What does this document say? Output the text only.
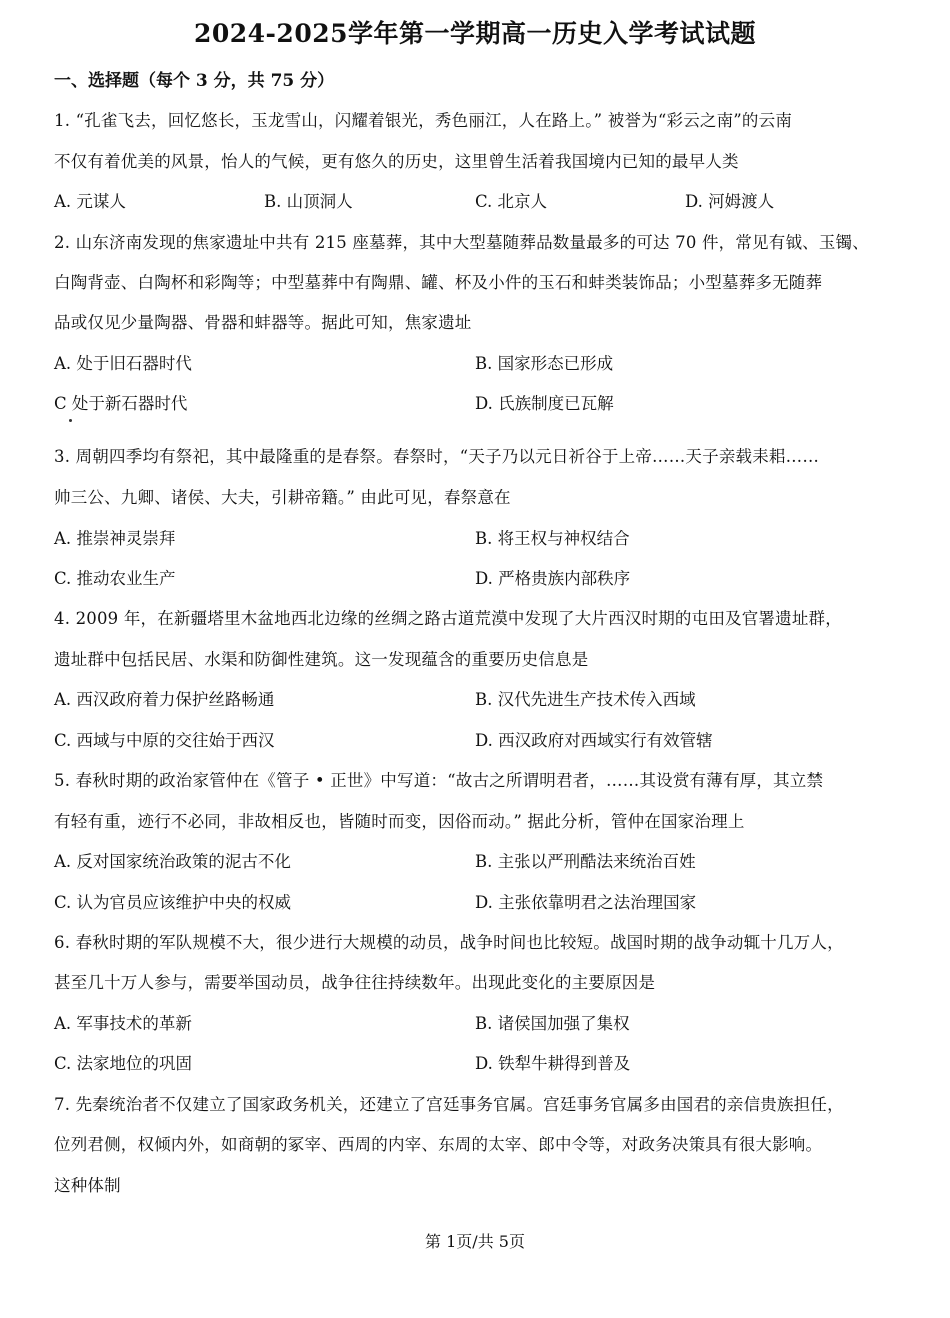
2024-2025学年第一学期高一历史入学考试试题
一、选择题（每个 3 分，共 75 分）
1. “孔雀飞去，回忆悠长，玉龙雪山，闪耀着银光，秀色丽江，人在路上。” 被誉为“彩云之南”的云南
不仅有着优美的风景，怡人的气候，更有悠久的历史，这里曾生活着我国境内已知的最早人类
A. 元谋人	B. 山顶洞人	C. 北京人	D. 河姆渡人
2. 山东济南发现的焦家遗址中共有 215 座墓葬，其中大型墓随葬品数量最多的可达 70 件，常见有钺、玉镯、
白陶背壶、白陶杯和彩陶等；中型墓葬中有陶鼎、罐、杯及小件的玉石和蚌类装饰品；小型墓葬多无随葬
品或仅见少量陶器、骨器和蚌器等。据此可知，焦家遗址
A. 处于旧石器时代	B. 国家形态已形成
C 处于新石器时代	D. 氏族制度已瓦解
3. 周朝四季均有祭祀，其中最隆重的是春祭。春祭时，“天子乃以元日祈谷于上帝……天子亲载耒耜……
帅三公、九卿、诸侯、大夫，引耕帝籍。” 由此可见，春祭意在
A. 推崇神灵崇拜	B. 将王权与神权结合
C. 推动农业生产	D. 严格贵族内部秩序
4. 2009 年，在新疆塔里木盆地西北边缘的丝绸之路古道荒漠中发现了大片西汉时期的屯田及官署遗址群，
遗址群中包括民居、水渠和防御性建筑。这一发现蕴含的重要历史信息是
A. 西汉政府着力保护丝路畅通	B. 汉代先进生产技术传入西域
C. 西域与中原的交往始于西汉	D. 西汉政府对西域实行有效管辖
5. 春秋时期的政治家管仲在《管子 • 正世》中写道：“故古之所谓明君者，……其设赏有薄有厚，其立禁
有轻有重，迹行不必同，非故相反也，皆随时而变，因俗而动。” 据此分析，管仲在国家治理上
A. 反对国家统治政策的泥古不化	B. 主张以严刑酷法来统治百姓
C. 认为官员应该维护中央的权威	D. 主张依靠明君之法治理国家
6. 春秋时期的军队规模不大，很少进行大规模的动员，战争时间也比较短。战国时期的战争动辄十几万人，
甚至几十万人参与，需要举国动员，战争往往持续数年。出现此变化的主要原因是
A. 军事技术的革新	B. 诸侯国加强了集权
C. 法家地位的巩固	D. 铁犁牛耕得到普及
7. 先秦统治者不仅建立了国家政务机关，还建立了宫廷事务官属。宫廷事务官属多由国君的亲信贵族担任，
位列君侧，权倾内外，如商朝的冢宰、西周的内宰、东周的太宰、郎中令等，对政务决策具有很大影响。
这种体制
第 1页/共 5页
